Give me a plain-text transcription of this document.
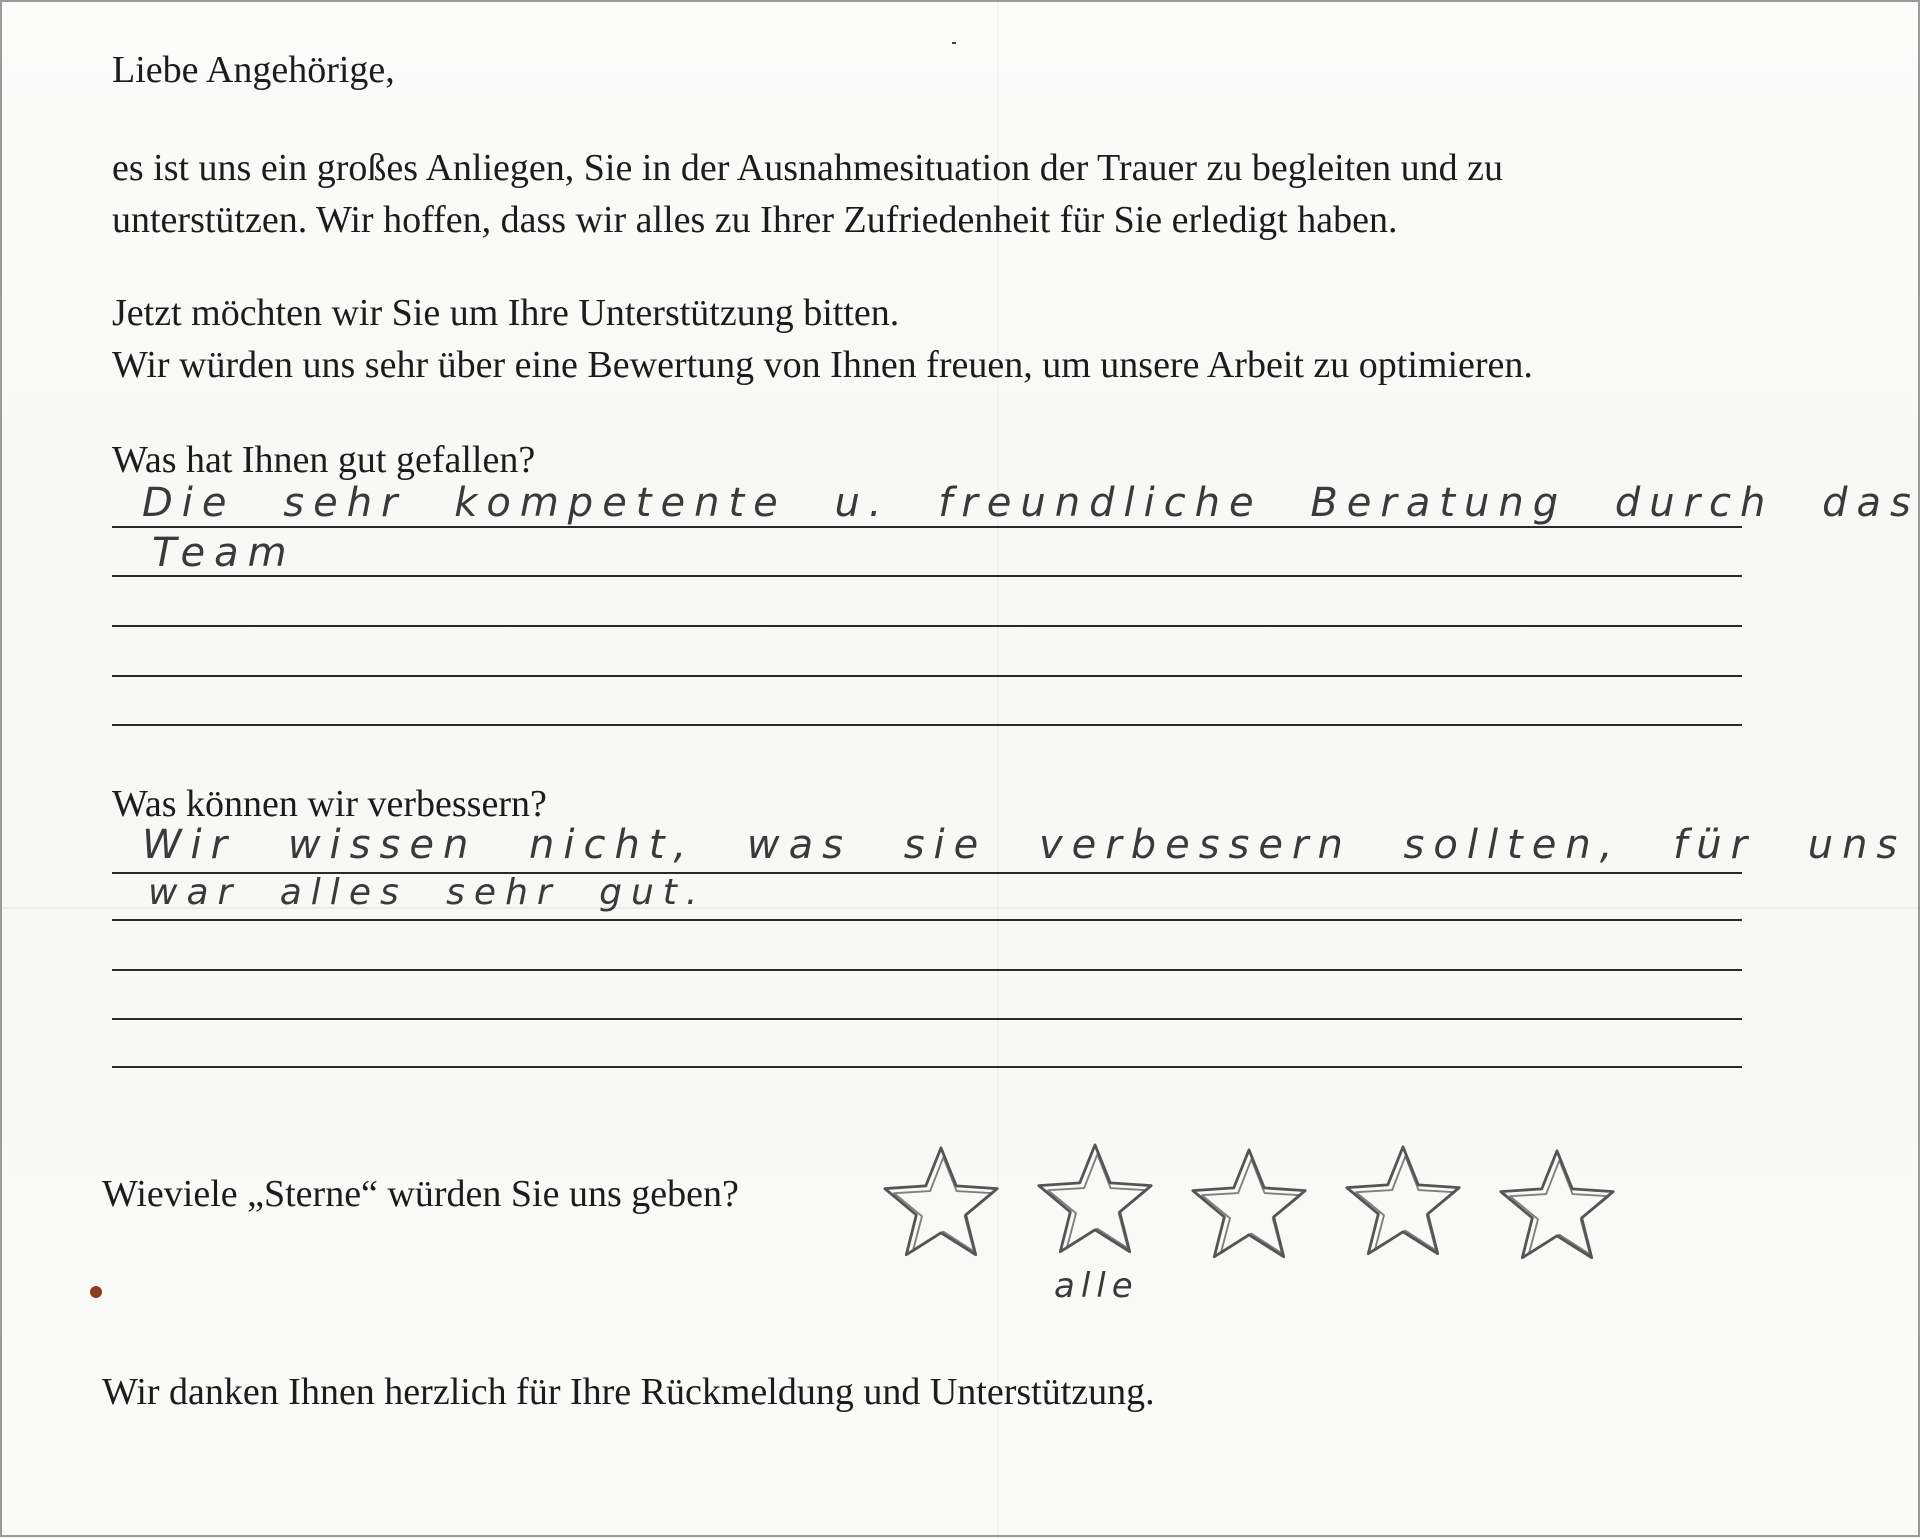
Liebe Angehörige,
es ist uns ein großes Anliegen, Sie in der Ausnahmesituation der Trauer zu begleiten und zu
unterstützen. Wir hoffen, dass wir alles zu Ihrer Zufriedenheit für Sie erledigt haben.
Jetzt möchten wir Sie um Ihre Unterstützung bitten.
Wir würden uns sehr über eine Bewertung von Ihnen freuen, um unsere Arbeit zu optimieren.
Was hat Ihnen gut gefallen?
Die sehr kompetente u. freundliche Beratung durch das
Team
Was können wir verbessern?
Wir wissen nicht, was sie verbessern sollten, für uns
war alles sehr gut.
Wieviele „Sterne“ würden Sie uns geben?
alle
Wir danken Ihnen herzlich für Ihre Rückmeldung und Unterstützung.
